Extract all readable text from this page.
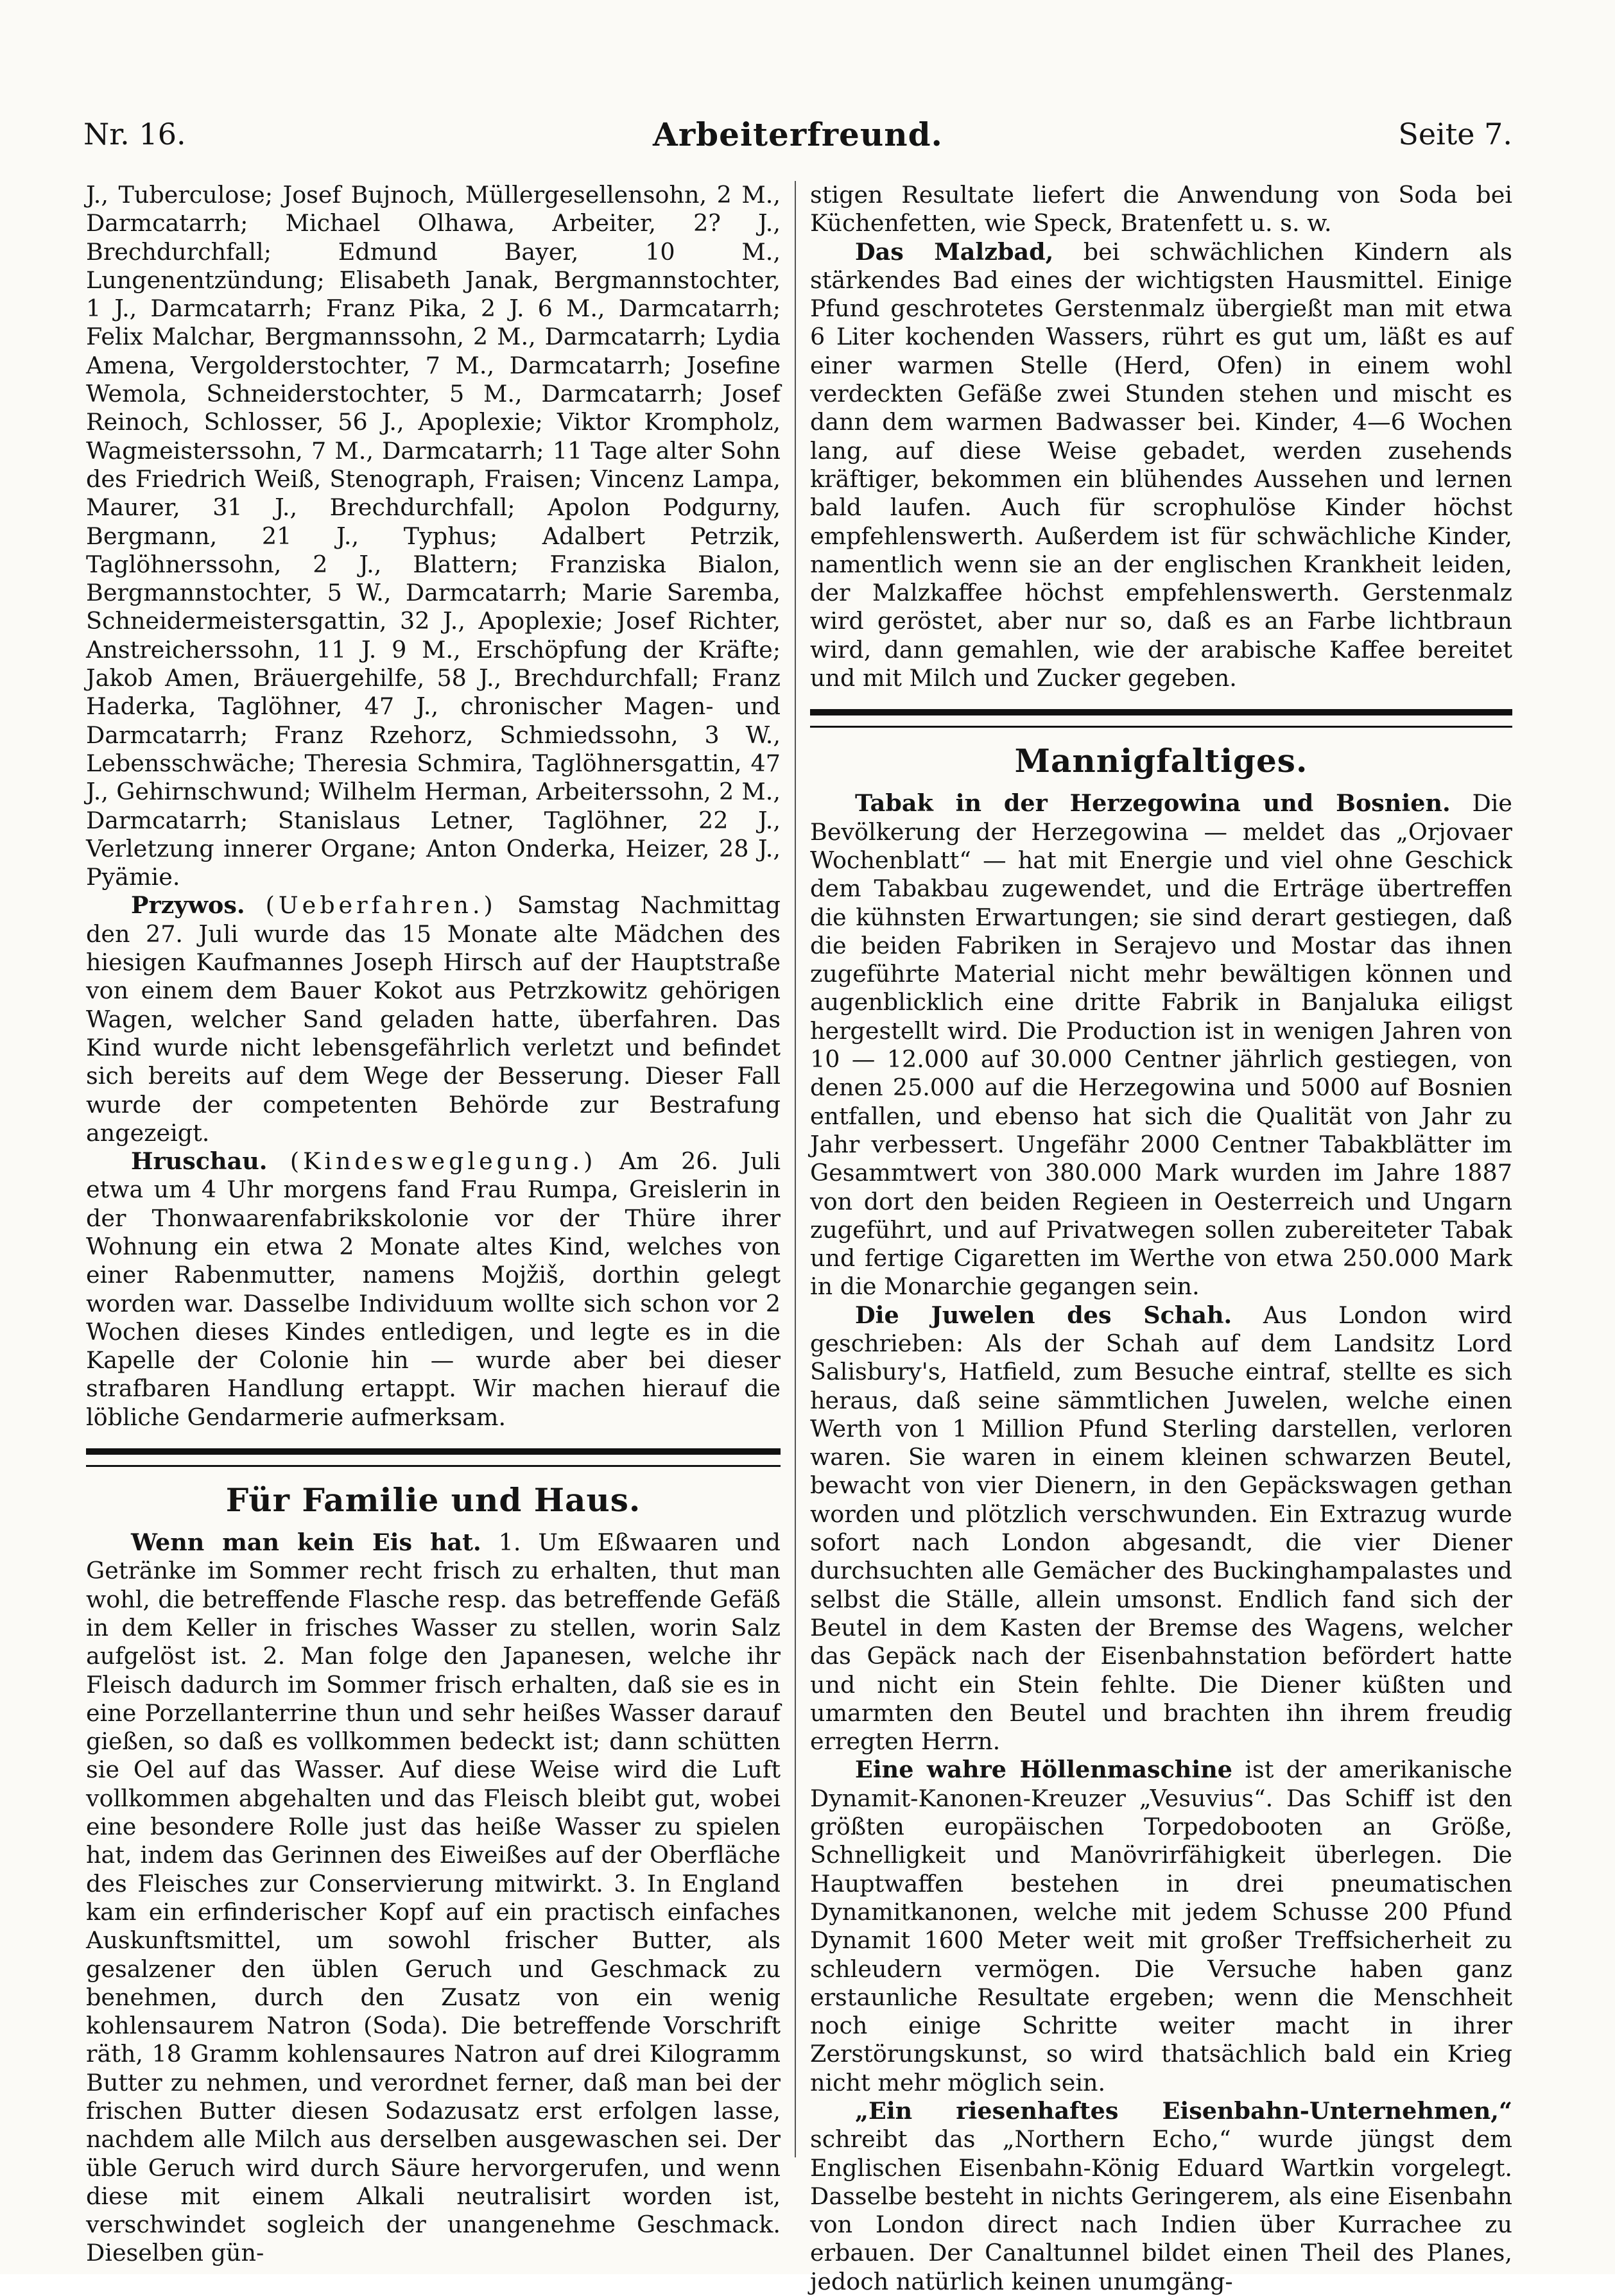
Nr. 16.	Arbeiterfreund.	Seite 7.

J., Tuberculose; Josef Bujnoch, Müllergesellensohn, 2 M., Darmcatarrh; Michael Olhawa, Arbeiter, 2? J., Brechdurchfall; Edmund Bayer, 10 M., Lungenentzündung; Elisabeth Janak, Bergmannstochter, 1 J., Darmcatarrh; Franz Pika, 2 J. 6 M., Darmcatarrh; Felix Malchar, Bergmannssohn, 2 M., Darmcatarrh; Lydia Amena, Vergolderstochter, 7 M., Darmcatarrh; Josefine Wemola, Schneiderstochter, 5 M., Darmcatarrh; Josef Reinoch, Schlosser, 56 J., Apoplexie; Viktor Krompholz, Wagmeisterssohn, 7 M., Darmcatarrh; 11 Tage alter Sohn des Friedrich Weiß, Stenograph, Fraisen; Vincenz Lampa, Maurer, 31 J., Brechdurchfall; Apolon Podgurny, Bergmann, 21 J., Typhus; Adalbert Petrzik, Taglöhnerssohn, 2 J., Blattern; Franziska Bialon, Bergmannstochter, 5 W., Darmcatarrh; Marie Saremba, Schneidermeistersgattin, 32 J., Apoplexie; Josef Richter, Anstreicherssohn, 11 J. 9 M., Erschöpfung der Kräfte; Jakob Amen, Bräuergehilfe, 58 J., Brechdurchfall; Franz Haderka, Taglöhner, 47 J., chronischer Magen- und Darmcatarrh; Franz Rzehorz, Schmiedssohn, 3 W., Lebensschwäche; Theresia Schmira, Taglöhnersgattin, 47 J., Gehirnschwund; Wilhelm Herman, Arbeiterssohn, 2 M., Darmcatarrh; Stanislaus Letner, Taglöhner, 22 J., Verletzung innerer Organe; Anton Onderka, Heizer, 28 J., Pyämie.

Przywos. (Ueberfahren.) Samstag Nachmittag den 27. Juli wurde das 15 Monate alte Mädchen des hiesigen Kaufmannes Joseph Hirsch auf der Hauptstraße von einem dem Bauer Kokot aus Petrzkowitz gehörigen Wagen, welcher Sand geladen hatte, überfahren. Das Kind wurde nicht lebensgefährlich verletzt und befindet sich bereits auf dem Wege der Besserung. Dieser Fall wurde der competenten Behörde zur Bestrafung angezeigt.

Hruschau. (Kindesweglegung.) Am 26. Juli etwa um 4 Uhr morgens fand Frau Rumpa, Greislerin in der Thonwaarenfabrikskolonie vor der Thüre ihrer Wohnung ein etwa 2 Monate altes Kind, welches von einer Rabenmutter, namens Mojžiš, dorthin gelegt worden war. Dasselbe Individuum wollte sich schon vor 2 Wochen dieses Kindes entledigen, und legte es in die Kapelle der Colonie hin — wurde aber bei dieser strafbaren Handlung ertappt. Wir machen hierauf die löbliche Gendarmerie aufmerksam.

Für Familie und Haus.

Wenn man kein Eis hat. 1. Um Eßwaaren und Getränke im Sommer recht frisch zu erhalten, thut man wohl, die betreffende Flasche resp. das betreffende Gefäß in dem Keller in frisches Wasser zu stellen, worin Salz aufgelöst ist. 2. Man folge den Japanesen, welche ihr Fleisch dadurch im Sommer frisch erhalten, daß sie es in eine Porzellanterrine thun und sehr heißes Wasser darauf gießen, so daß es vollkommen bedeckt ist; dann schütten sie Oel auf das Wasser. Auf diese Weise wird die Luft vollkommen abgehalten und das Fleisch bleibt gut, wobei eine besondere Rolle just das heiße Wasser zu spielen hat, indem das Gerinnen des Eiweißes auf der Oberfläche des Fleisches zur Conservierung mitwirkt. 3. In England kam ein erfinderischer Kopf auf ein practisch einfaches Auskunftsmittel, um sowohl frischer Butter, als gesalzener den üblen Geruch und Geschmack zu benehmen, durch den Zusatz von ein wenig kohlensaurem Natron (Soda). Die betreffende Vorschrift räth, 18 Gramm kohlensaures Natron auf drei Kilogramm Butter zu nehmen, und verordnet ferner, daß man bei der frischen Butter diesen Sodazusatz erst erfolgen lasse, nachdem alle Milch aus derselben ausgewaschen sei. Der üble Geruch wird durch Säure hervorgerufen, und wenn diese mit einem Alkali neutralisirt worden ist, verschwindet sogleich der unangenehme Geschmack. Dieselben gün-

stigen Resultate liefert die Anwendung von Soda bei Küchenfetten, wie Speck, Bratenfett u. s. w.

Das Malzbad, bei schwächlichen Kindern als stärkendes Bad eines der wichtigsten Hausmittel. Einige Pfund geschrotetes Gerstenmalz übergießt man mit etwa 6 Liter kochenden Wassers, rührt es gut um, läßt es auf einer warmen Stelle (Herd, Ofen) in einem wohl verdeckten Gefäße zwei Stunden stehen und mischt es dann dem warmen Badwasser bei. Kinder, 4—6 Wochen lang, auf diese Weise gebadet, werden zusehends kräftiger, bekommen ein blühendes Aussehen und lernen bald laufen. Auch für scrophulöse Kinder höchst empfehlenswerth. Außerdem ist für schwächliche Kinder, namentlich wenn sie an der englischen Krankheit leiden, der Malzkaffee höchst empfehlenswerth. Gerstenmalz wird geröstet, aber nur so, daß es an Farbe lichtbraun wird, dann gemahlen, wie der arabische Kaffee bereitet und mit Milch und Zucker gegeben.

Mannigfaltiges.

Tabak in der Herzegowina und Bosnien. Die Bevölkerung der Herzegowina — meldet das „Orjovaer Wochenblatt“ — hat mit Energie und viel ohne Geschick dem Tabakbau zugewendet, und die Erträge übertreffen die kühnsten Erwartungen; sie sind derart gestiegen, daß die beiden Fabriken in Serajevo und Mostar das ihnen zugeführte Material nicht mehr bewältigen können und augenblicklich eine dritte Fabrik in Banjaluka eiligst hergestellt wird. Die Production ist in wenigen Jahren von 10 — 12.000 auf 30.000 Centner jährlich gestiegen, von denen 25.000 auf die Herzegowina und 5000 auf Bosnien entfallen, und ebenso hat sich die Qualität von Jahr zu Jahr verbessert. Ungefähr 2000 Centner Tabakblätter im Gesammtwert von 380.000 Mark wurden im Jahre 1887 von dort den beiden Regieen in Oesterreich und Ungarn zugeführt, und auf Privatwegen sollen zubereiteter Tabak und fertige Cigaretten im Werthe von etwa 250.000 Mark in die Monarchie gegangen sein.

Die Juwelen des Schah. Aus London wird geschrieben: Als der Schah auf dem Landsitz Lord Salisbury's, Hatfield, zum Besuche eintraf, stellte es sich heraus, daß seine sämmtlichen Juwelen, welche einen Werth von 1 Million Pfund Sterling darstellen, verloren waren. Sie waren in einem kleinen schwarzen Beutel, bewacht von vier Dienern, in den Gepäckswagen gethan worden und plötzlich verschwunden. Ein Extrazug wurde sofort nach London abgesandt, die vier Diener durchsuchten alle Gemächer des Buckinghampalastes und selbst die Ställe, allein umsonst. Endlich fand sich der Beutel in dem Kasten der Bremse des Wagens, welcher das Gepäck nach der Eisenbahnstation befördert hatte und nicht ein Stein fehlte. Die Diener küßten und umarmten den Beutel und brachten ihn ihrem freudig erregten Herrn.

Eine wahre Höllenmaschine ist der amerikanische Dynamit-Kanonen-Kreuzer „Vesuvius“. Das Schiff ist den größten europäischen Torpedobooten an Größe, Schnelligkeit und Manövrirfähigkeit überlegen. Die Hauptwaffen bestehen in drei pneumatischen Dynamitkanonen, welche mit jedem Schusse 200 Pfund Dynamit 1600 Meter weit mit großer Treffsicherheit zu schleudern vermögen. Die Versuche haben ganz erstaunliche Resultate ergeben; wenn die Menschheit noch einige Schritte weiter macht in ihrer Zerstörungskunst, so wird thatsächlich bald ein Krieg nicht mehr möglich sein.

„Ein riesenhaftes Eisenbahn-Unternehmen,“ schreibt das „Northern Echo,“ wurde jüngst dem Englischen Eisenbahn-König Eduard Wartkin vorgelegt. Dasselbe besteht in nichts Geringerem, als eine Eisenbahn von London direct nach Indien über Kurrachee zu erbauen. Der Canaltunnel bildet einen Theil des Planes, jedoch natürlich keinen unumgäng-
